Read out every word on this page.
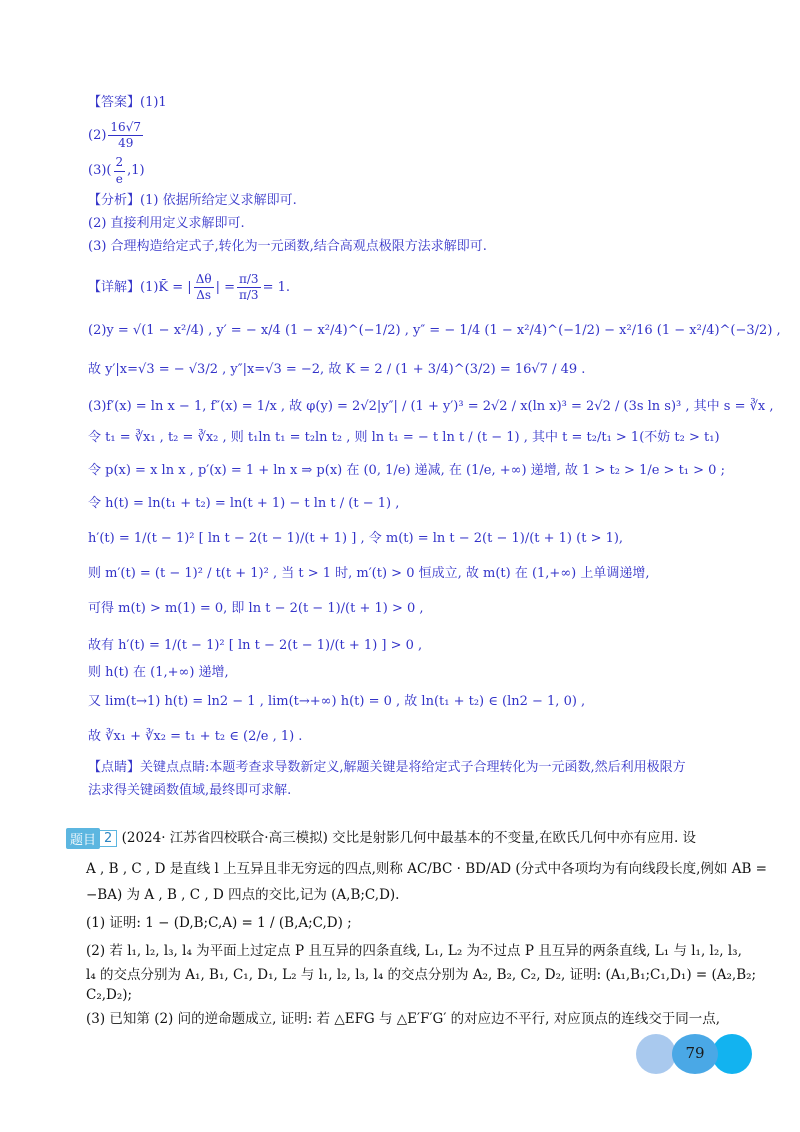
【答案】(1)1
$(2) \frac{16√7}{49}$
$(3)( \frac{2}{e} ,1)$
【分析】(1) 依据所给定义求解即可.
(2) 直接利用定义求解即可.
(3) 合理构造给定式子,转化为一元函数,结合高观点极限方法求解即可.
【详解】(1)K̄ = | $\frac{\Delta\theta}{\Delta s}$ | = $\frac{\pi/3}{\pi/3} = 1$.
(2)y = √(1 − x²/4) , y′ = − x/4 (1 − x²/4)^(−1/2) , y″ = − 1/4 (1 − x²/4)^(−1/2) − x²/16 (1 − x²/4)^(−3/2) ,
故 y′|x=√3 = − √3/2 , y″|x=√3 = −2, 故 K = 2 / (1 + 3/4)^(3/2) = 16√7 / 49 .
(3)f′(x) = ln x − 1, f″(x) = 1/x , 故 φ(y) = 2√2|y″| / (1 + y′)³ = 2√2 / x(ln x)³ = 2√2 / (3s ln s)³ , 其中 s = ∛x ,
令 t₁ = ∛x₁ , t₂ = ∛x₂ , 则 t₁ln t₁ = t₂ln t₂ , 则 ln t₁ = − t ln t / (t − 1) , 其中 t = t₂/t₁ > 1(不妨 t₂ > t₁)
令 p(x) = x ln x , p′(x) = 1 + ln x ⇒ p(x) 在 (0, 1/e) 递减, 在 (1/e, +∞) 递增, 故 1 > t₂ > 1/e > t₁ > 0 ;
令 h(t) = ln(t₁ + t₂) = ln(t + 1) − t ln t / (t − 1) ,
h′(t) = 1/(t − 1)² [ ln t − 2(t − 1)/(t + 1) ] , 令 m(t) = ln t − 2(t − 1)/(t + 1) (t > 1),
则 m′(t) = (t − 1)² / t(t + 1)² , 当 t > 1 时, m′(t) > 0 恒成立, 故 m(t) 在 (1,+∞) 上单调递增,
可得 m(t) > m(1) = 0, 即 ln t − 2(t − 1)/(t + 1) > 0 ,
故有 h′(t) = 1/(t − 1)² [ ln t − 2(t − 1)/(t + 1) ] > 0 ,
则 h(t) 在 (1,+∞) 递增,
又 lim(t→1) h(t) = ln2 − 1 , lim(t→+∞) h(t) = 0 , 故 ln(t₁ + t₂) ∈ (ln2 − 1, 0) ,
故 ∛x₁ + ∛x₂ = t₁ + t₂ ∈ (2/e , 1) .
【点睛】关键点点睛:本题考查求导数新定义,解题关键是将给定式子合理转化为一元函数,然后利用极限方
法求得关键函数值域,最终即可求解.
题目 2 (2024· 江苏省四校联合·高三模拟) 交比是射影几何中最基本的不变量,在欧氏几何中亦有应用. 设
A , B , C , D 是直线 l 上互异且非无穷远的四点,则称 AC/BC · BD/AD (分式中各项均为有向线段长度,例如 AB =
−BA) 为 A , B , C , D 四点的交比,记为 (A,B;C,D).
(1) 证明: 1 − (D,B;C,A) = 1 / (B,A;C,D) ;
(2) 若 l₁, l₂, l₃, l₄ 为平面上过定点 P 且互异的四条直线, L₁, L₂ 为不过点 P 且互异的两条直线, L₁ 与 l₁, l₂, l₃,
l₄ 的交点分别为 A₁, B₁, C₁, D₁, L₂ 与 l₁, l₂, l₃, l₄ 的交点分别为 A₂, B₂, C₂, D₂, 证明: (A₁,B₁;C₁,D₁) = (A₂,B₂;
C₂,D₂);
(3) 已知第 (2) 问的逆命题成立, 证明: 若 △EFG 与 △E′F′G′ 的对应边不平行, 对应顶点的连线交于同一点,
79
